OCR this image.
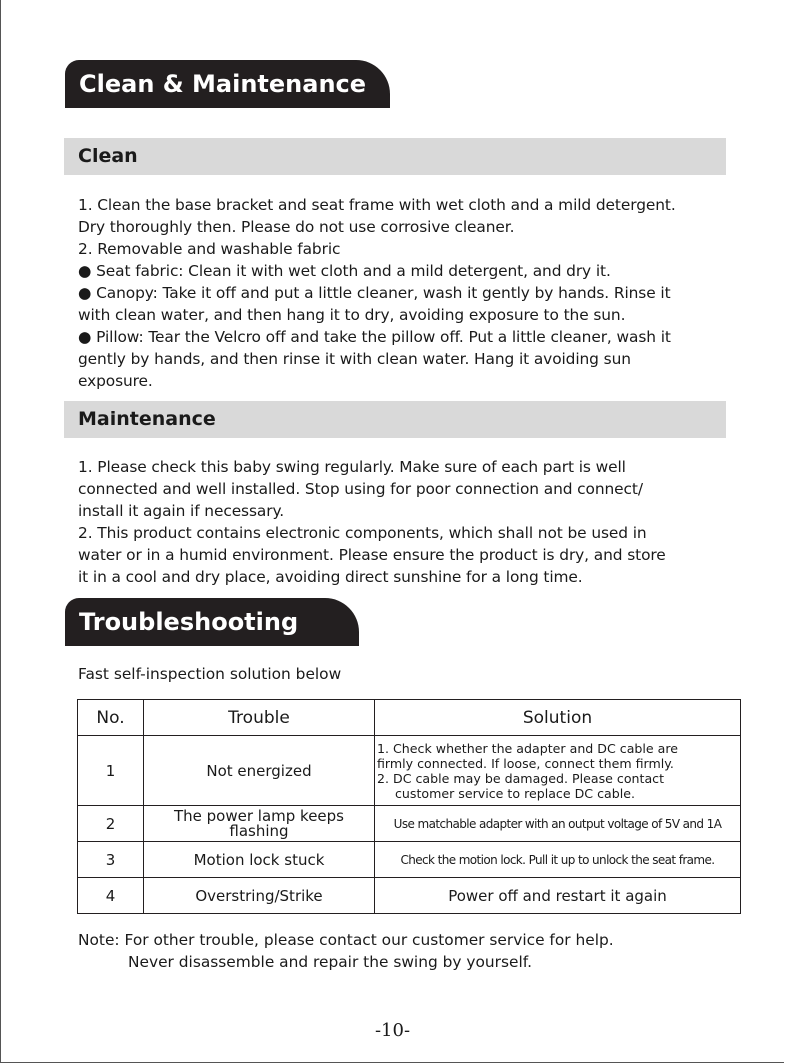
Clean & Maintenance
Clean

1. Clean the base bracket and seat frame with wet cloth and a mild detergent.

Dry thoroughly then. Please do not use corrosive cleaner.

2. Removable and washable fabric

● Seat fabric: Clean it with wet cloth and a mild detergent, and dry it.

● Canopy: Take it off and put a little cleaner, wash it gently by hands. Rinse it

with clean water, and then hang it to dry, avoiding exposure to the sun.

● Pillow: Tear the Velcro off and take the pillow off. Put a little cleaner, wash it

gently by hands, and then rinse it with clean water. Hang it avoiding sun

exposure.

Maintenance

1. Please check this baby swing regularly. Make sure of each part is well

connected and well installed. Stop using for poor connection and connect/

install it again if necessary.

2. This product contains electronic components, which shall not be used in

water or in a humid environment. Please ensure the product is dry, and store

it in a cool and dry place, avoiding direct sunshine for a long time.

Troubleshooting
Fast self-inspection solution below
No.	Trouble	Solution
1	Not energized	1. Check whether the adapter and DC cable are
firmly connected. If loose, connect them firmly.
2. DC cable may be damaged. Please contact
customer service to replace DC cable.

2	The power lamp keeps
flashing	Use matchable adapter with an output voltage of 5V and 1A
3	Motion lock stuck	Check the motion lock. Pull it up to unlock the seat frame.
4	Overstring/Strike	Power off and restart it again
Note: For other trouble, please contact our customer service for help.
Never disassemble and repair the swing by yourself.
-10-
